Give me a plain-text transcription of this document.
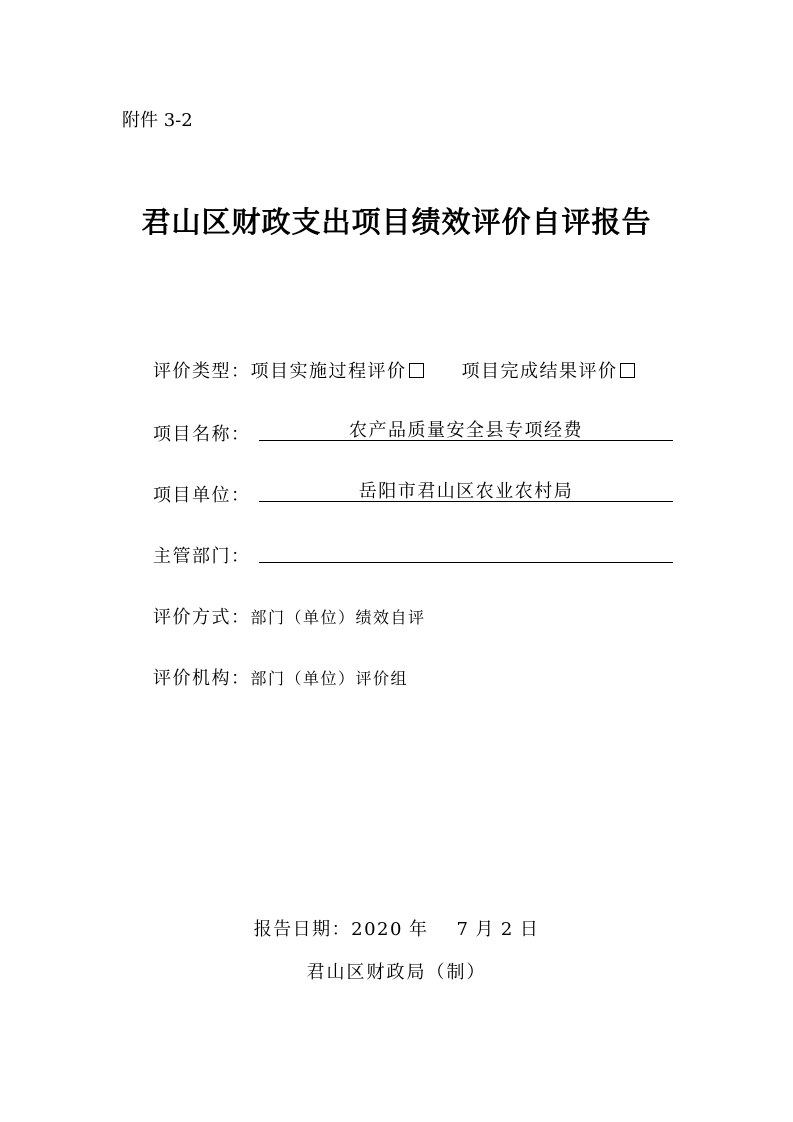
附件 3-2
君山区财政支出项目绩效评价自评报告
评价类型：项目实施过程评价	项目完成结果评价
项目名称：	农产品质量安全县专项经费
项目单位：	岳阳市君山区农业农村局
主管部门：
评价方式：部门（单位）绩效自评
评价机构：部门（单位）评价组
报告日期：2020 年 7 月 2 日
君山区财政局（制）
